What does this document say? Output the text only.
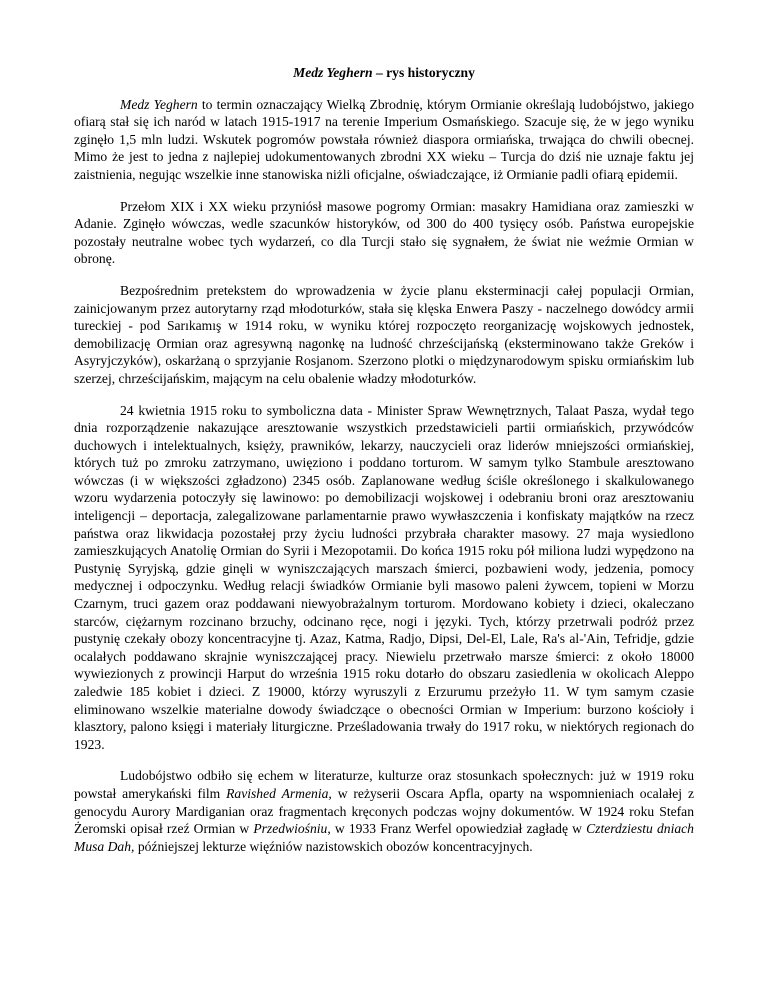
Medz Yeghern – rys historyczny

Medz Yeghern to termin oznaczający Wielką Zbrodnię, którym Ormianie określają ludobójstwo, jakiego ofiarą stał się ich naród w latach 1915-1917 na terenie Imperium Osmańskiego. Szacuje się, że w jego wyniku zginęło 1,5 mln ludzi. Wskutek pogromów powstała również diaspora ormiańska, trwająca do chwili obecnej. Mimo że jest to jedna z najlepiej udokumentowanych zbrodni XX wieku – Turcja do dziś nie uznaje faktu jej zaistnienia, negując wszelkie inne stanowiska niżli oficjalne, oświadczające, iż Ormianie padli ofiarą epidemii.

Przełom XIX i XX wieku przyniósł masowe pogromy Ormian: masakry Hamidiana oraz zamieszki w Adanie. Zginęło wówczas, wedle szacunków historyków, od 300 do 400 tysięcy osób. Państwa europejskie pozostały neutralne wobec tych wydarzeń, co dla Turcji stało się sygnałem, że świat nie weźmie Ormian w obronę.

Bezpośrednim pretekstem do wprowadzenia w życie planu eksterminacji całej populacji Ormian, zainicjowanym przez autorytarny rząd młodoturków, stała się klęska Enwera Paszy - naczelnego dowódcy armii tureckiej - pod Sarıkamış w 1914 roku, w wyniku której rozpoczęto reorganizację wojskowych jednostek, demobilizację Ormian oraz agresywną nagonkę na ludność chrześcijańską (eksterminowano także Greków i Asyryjczyków), oskarżaną o sprzyjanie Rosjanom. Szerzono plotki o międzynarodowym spisku ormiańskim lub szerzej, chrześcijańskim, mającym na celu obalenie władzy młodoturków.

24 kwietnia 1915 roku to symboliczna data - Minister Spraw Wewnętrznych, Talaat Pasza, wydał tego dnia rozporządzenie nakazujące aresztowanie wszystkich przedstawicieli partii ormiańskich, przywódców duchowych i intelektualnych, księży, prawników, lekarzy, nauczycieli oraz liderów mniejszości ormiańskiej, których tuż po zmroku zatrzymano, uwięziono i poddano torturom. W samym tylko Stambule aresztowano wówczas (i w większości zgładzono) 2345 osób. Zaplanowane według ściśle określonego i skalkulowanego wzoru wydarzenia potoczyły się lawinowo: po demobilizacji wojskowej i odebraniu broni oraz aresztowaniu inteligencji – deportacja, zalegalizowane parlamentarnie prawo wywłaszczenia i konfiskaty majątków na rzecz państwa oraz likwidacja pozostałej przy życiu ludności przybrała charakter masowy. 27 maja wysiedlono zamieszkujących Anatolię Ormian do Syrii i Mezopotamii. Do końca 1915 roku pół miliona ludzi wypędzono na Pustynię Syryjską, gdzie ginęli w wyniszczających marszach śmierci, pozbawieni wody, jedzenia, pomocy medycznej i odpoczynku. Według relacji świadków Ormianie byli masowo paleni żywcem, topieni w Morzu Czarnym, truci gazem oraz poddawani niewyobrażalnym torturom. Mordowano kobiety i dzieci, okaleczano starców, ciężarnym rozcinano brzuchy, odcinano ręce, nogi i języki. Tych, którzy przetrwali podróż przez pustynię czekały obozy koncentracyjne tj. Azaz, Katma, Radjo, Dipsi, Del-El, Lale, Ra's al-'Ain, Tefridje, gdzie ocalałych poddawano skrajnie wyniszczającej pracy. Niewielu przetrwało marsze śmierci: z około 18000 wywiezionych z prowincji Harput do września 1915 roku dotarło do obszaru zasiedlenia w okolicach Aleppo zaledwie 185 kobiet i dzieci. Z 19000, którzy wyruszyli z Erzurumu przeżyło 11. W tym samym czasie eliminowano wszelkie materialne dowody świadczące o obecności Ormian w Imperium: burzono kościoły i klasztory, palono księgi i materiały liturgiczne. Prześladowania trwały do 1917 roku, w niektórych regionach do 1923.

Ludobójstwo odbiło się echem w literaturze, kulturze oraz stosunkach społecznych: już w 1919 roku powstał amerykański film Ravished Armenia, w reżyserii Oscara Apfla, oparty na wspomnieniach ocalałej z genocydu Aurory Mardiganian oraz fragmentach kręconych podczas wojny dokumentów. W 1924 roku Stefan Żeromski opisał rzeź Ormian w Przedwiośniu, w 1933 Franz Werfel opowiedział zagładę w Czterdziestu dniach Musa Dah, późniejszej lekturze więźniów nazistowskich obozów koncentracyjnych.
